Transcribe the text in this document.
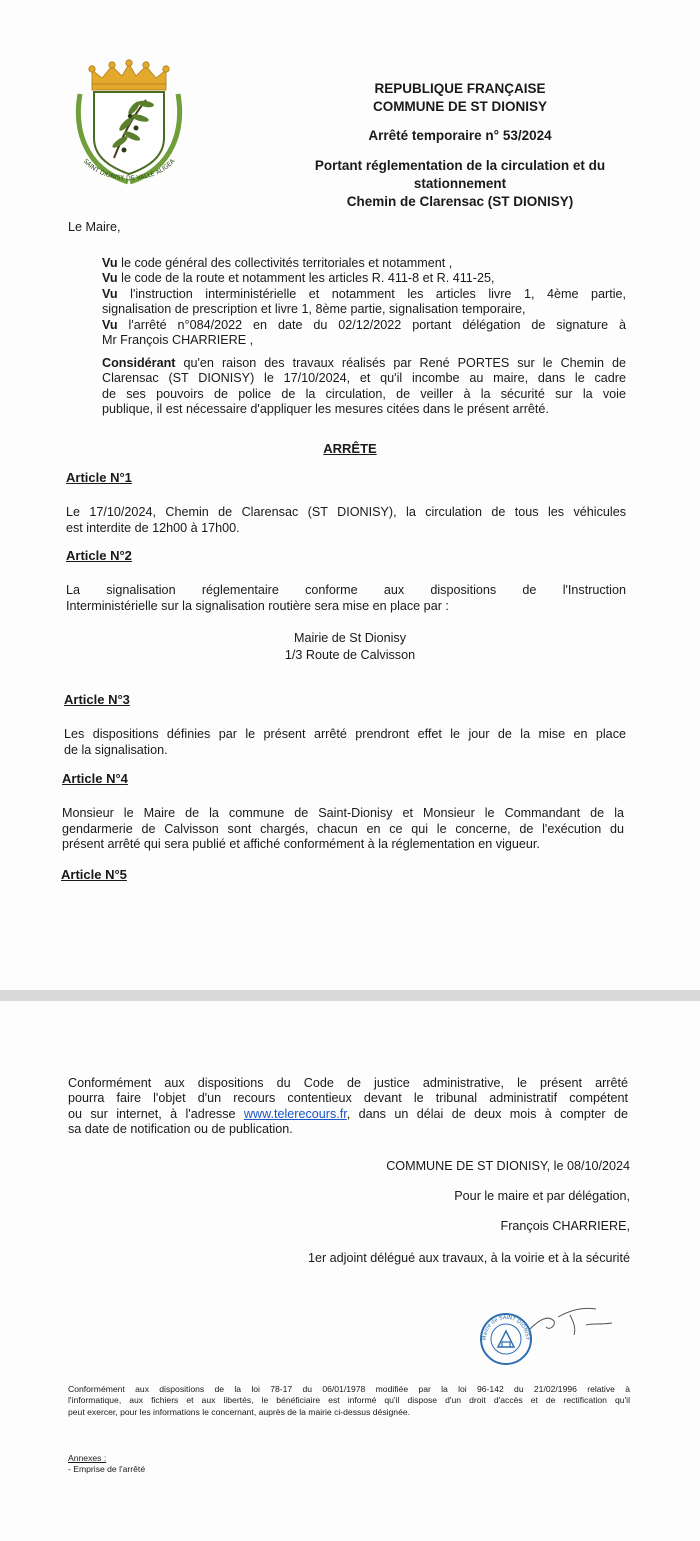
SAINT DIONISY DE VALLE ALIGEA
REPUBLIQUE FRANÇAISE
COMMUNE DE ST DIONISY
Arrêté temporaire n° 53/2024
Portant réglementation de la circulation et du
stationnement
Chemin de Clarensac (ST DIONISY)
Le Maire,
Vu le code général des collectivités territoriales et notamment ,
Vu le code de la route et notamment les articles R. 411-8 et R. 411-25,
Vu l'instruction interministérielle et notamment les articles livre 1, 4ème partie,
signalisation de prescription et livre 1, 8ème partie, signalisation temporaire,
Vu l'arrêté n°084/2022 en date du 02/12/2022 portant délégation de signature à
Mr François CHARRIERE ,
Considérant qu'en raison des travaux réalisés par René PORTES sur le Chemin de
Clarensac (ST DIONISY) le 17/10/2024, et qu'il incombe au maire, dans le cadre
de ses pouvoirs de police de la circulation, de veiller à la sécurité sur la voie
publique, il est nécessaire d'appliquer les mesures citées dans le présent arrêté.
ARRÊTE
Article N°1
Le 17/10/2024, Chemin de Clarensac (ST DIONISY), la circulation de tous les véhicules
est interdite de 12h00 à 17h00.
Article N°2
La signalisation réglementaire conforme aux dispositions de l'Instruction
Interministérielle sur la signalisation routière sera mise en place par :
Mairie de St Dionisy
1/3 Route de Calvisson
Article N°3
Les dispositions définies par le présent arrêté prendront effet le jour de la mise en place
de la signalisation.
Article N°4
Monsieur le Maire de la commune de Saint-Dionisy et Monsieur le Commandant de la
gendarmerie de Calvisson sont chargés, chacun en ce qui le concerne, de l'exécution du
présent arrêté qui sera publié et affiché conformément à la réglementation en vigueur.
Article N°5
Conformément aux dispositions du Code de justice administrative, le présent arrêté
pourra faire l'objet d'un recours contentieux devant le tribunal administratif compétent
ou sur internet, à l'adresse www.telerecours.fr, dans un délai de deux mois à compter de
sa date de notification ou de publication.
COMMUNE DE ST DIONISY, le 08/10/2024
Pour le maire et par délégation,
François CHARRIERE,
1er adjoint délégué aux travaux, à la voirie et à la sécurité
Mairie de SAINT DIONISY
Conformément aux dispositions de la loi 78-17 du 06/01/1978 modifiée par la loi 96-142 du 21/02/1996 relative à
l'informatique, aux fichiers et aux libertés, le bénéficiaire est informé qu'il dispose d'un droit d'accès et de rectification qu'il
peut exercer, pour les informations le concernant, auprès de la mairie ci-dessus désignée.
Annexes :
- Emprise de l'arrêté
